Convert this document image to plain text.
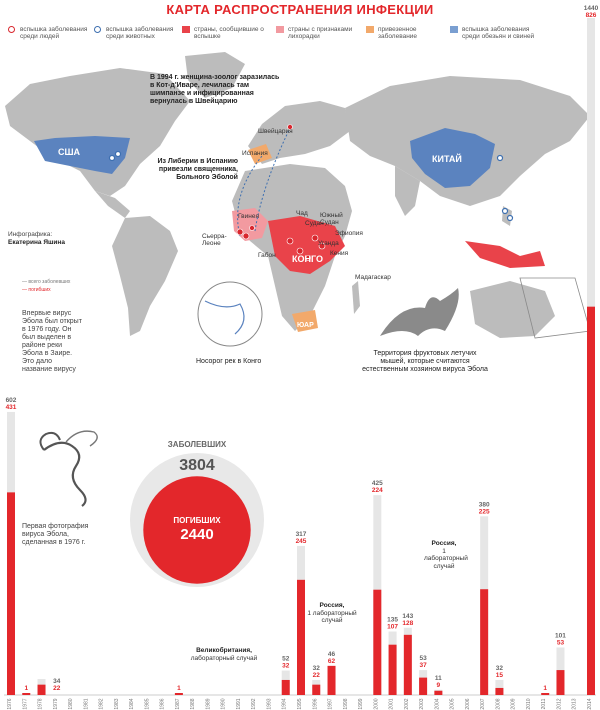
КАРТА РАСПРОСТРАНЕНИЯ ИНФЕКЦИИ
вспышка заболевания среди людей
вспышка заболевания среди животных
страны, сообщившие о вспышке
страны с признаками лихорадки
привезенное заболевание
вспышка заболевания среди обезьян и свиней
США
КИТАЙ
КОНГО
ЮАР
Испания
Швейцария
Гвинея
Сьерра-Леоне
Габон
Чад
Судан
Южный Судан
Эфиопия
Кения
Уганда
Мадагаскар
В 1994 г. женщина-зоолог заразилась в Кот-д'Иваре, лечилась там шимпанзе и инфицированная вернулась в Швейцарию
Из Либерии в Испанию привезли священника, Больного Эболой
Носорог рек в Конго
Территория фруктовых летучих мышей, которые считаются естественным хозяином вируса Эбола
Инфографика:
Екатерина Яшина
1976
602
431
1977
1
1978 1979
34
22
1980 1981 1982 1983 1984 1985 1986 1987
1
1988 1989 1990 1991 1992 1993 1994
52
32
1995
317
245
1996
32
22
1997
46
62
1998 1999 2000
425
224
2001
135
107
2002
143
128
2003
53
37
2004
11
9
2005 2006 2007
380
225
2008
32
15
2009 2010 2011
1
2012
101
53
2013 2014
1440
826
— всего заболевших
— погибших
Впервые вирус Эбола был открыт в 1976 году. Он был выделен в районе реки Эбола в Заире. Это дало название вирусу
Первая фотография вируса Эбола, сделанная в 1976 г.
ЗАБОЛЕВШИХ
3804
ПОГИБШИХ
2440
Великобритания,
лабораторный случай
Россия,
1 лабораторный случай
Россия,
1 лабораторный случай
